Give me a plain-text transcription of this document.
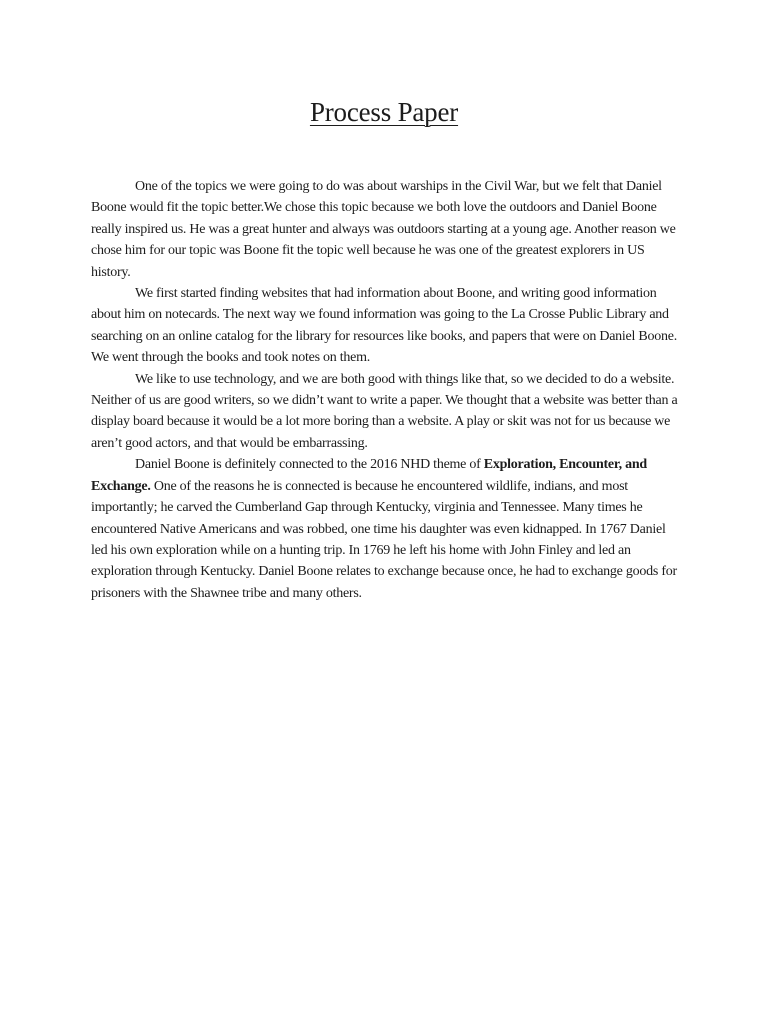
Process Paper

One of the topics we were going to do was about warships in the Civil War, but we felt that Daniel Boone would fit the topic better.We chose this topic because we both love the outdoors and Daniel Boone really inspired us. He was a great hunter and always was outdoors starting at a young age. Another reason we chose him for our topic was Boone fit the topic well because he was one of the greatest explorers in US history.

We first started finding websites that had information about Boone, and writing good information about him on notecards. The next way we found information was going to the La Crosse Public Library and searching on an online catalog for the library for resources like books, and papers that were on Daniel Boone. We went through the books and took notes on them.

We like to use technology, and we are both good with things like that, so we decided to do a website. Neither of us are good writers, so we didn’t want to write a paper. We thought that a website was better than a display board because it would be a lot more boring than a website. A play or skit was not for us because we aren’t good actors, and that would be embarrassing.

Daniel Boone is definitely connected to the 2016 NHD theme of Exploration, Encounter, and Exchange. One of the reasons he is connected is because he encountered wildlife, indians, and most importantly; he carved the Cumberland Gap through Kentucky, virginia and Tennessee. Many times he encountered Native Americans and was robbed, one time his daughter was even kidnapped. In 1767 Daniel led his own exploration while on a hunting trip. In 1769 he left his home with John Finley and led an exploration through Kentucky. Daniel Boone relates to exchange because once, he had to exchange goods for prisoners with the Shawnee tribe and many others.
